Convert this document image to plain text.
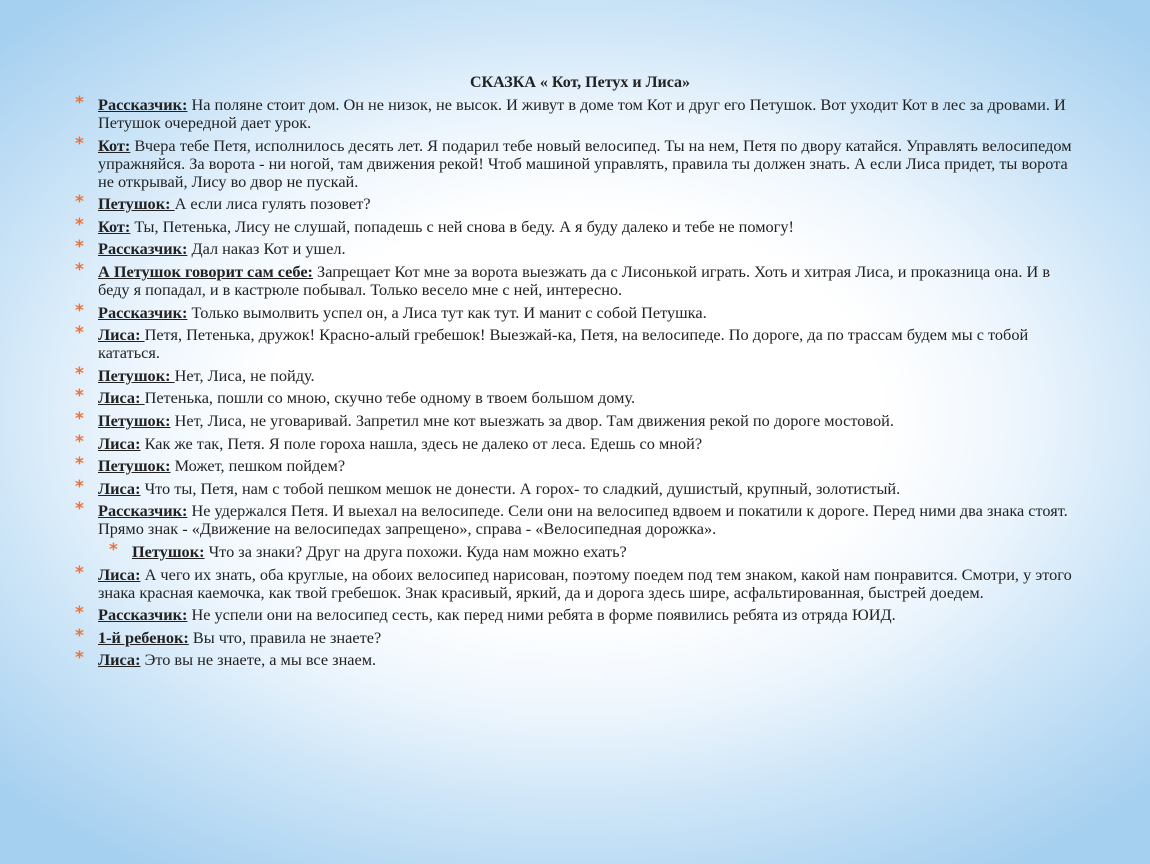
СКАЗКА « Кот, Петух и Лиса»
* Рассказчик: На поляне стоит дом. Он не низок, не высок. И живут в доме том Кот и друг его Петушок. Вот уходит Кот в лес за дровами. И Петушок очередной дает урок.
* Кот: Вчера тебе Петя, исполнилось десять лет. Я подарил тебе новый велосипед. Ты на нем, Петя по двору катайся. Управлять велосипедом упражняйся. За ворота - ни ногой, там движения рекой! Чтоб машиной управлять, правила ты должен знать. А если Лиса придет, ты ворота не открывай, Лису во двор не пускай.
* Петушок: А если лиса гулять позовет?
* Кот: Ты, Петенька, Лису не слушай, попадешь с ней снова в беду. А я буду далеко и тебе не помогу!
* Рассказчик: Дал наказ Кот и ушел.
* А Петушок говорит сам себе: Запрещает Кот мне за ворота выезжать да с Лисонькой играть. Хоть и хитрая Лиса, и проказница она. И в беду я попадал, и в кастрюле побывал. Только весело мне с ней, интересно.
* Рассказчик: Только вымолвить успел он, а Лиса тут как тут. И манит с собой Петушка.
* Лиса: Петя, Петенька, дружок! Красно-алый гребешок! Выезжай-ка, Петя, на велосипеде. По дороге, да по трассам будем мы с тобой кататься.
* Петушок: Нет, Лиса, не пойду.
* Лиса: Петенька, пошли со мною, скучно тебе одному в твоем большом дому.
* Петушок: Нет, Лиса, не уговаривай. Запретил мне кот выезжать за двор. Там движения рекой по дороге мостовой.
* Лиса: Как же так, Петя. Я поле гороха нашла, здесь не далеко от леса. Едешь со мной?
* Петушок: Может, пешком пойдем?
* Лиса: Что ты, Петя, нам с тобой пешком мешок не донести. А горох- то сладкий, душистый, крупный, золотистый.
* Рассказчик: Не удержался Петя. И выехал на велосипеде. Сели они на велосипед вдвоем и покатили к дороге. Перед ними два знака стоят. Прямо знак - «Движение на велосипедах запрещено», справа - «Велосипедная дорожка».
* Петушок: Что за знаки? Друг на друга похожи. Куда нам можно ехать?
* Лиса: А чего их знать, оба круглые, на обоих велосипед нарисован, поэтому поедем под тем знаком, какой нам понравится. Смотри, у этого знака красная каемочка, как твой гребешок. Знак красивый, яркий, да и дорога здесь шире, асфальтированная, быстрей доедем.
* Рассказчик: Не успели они на велосипед сесть, как перед ними ребята в форме появились ребята из отряда ЮИД.
* 1-й ребенок: Вы что, правила не знаете?
* Лиса: Это вы не знаете, а мы все знаем.
